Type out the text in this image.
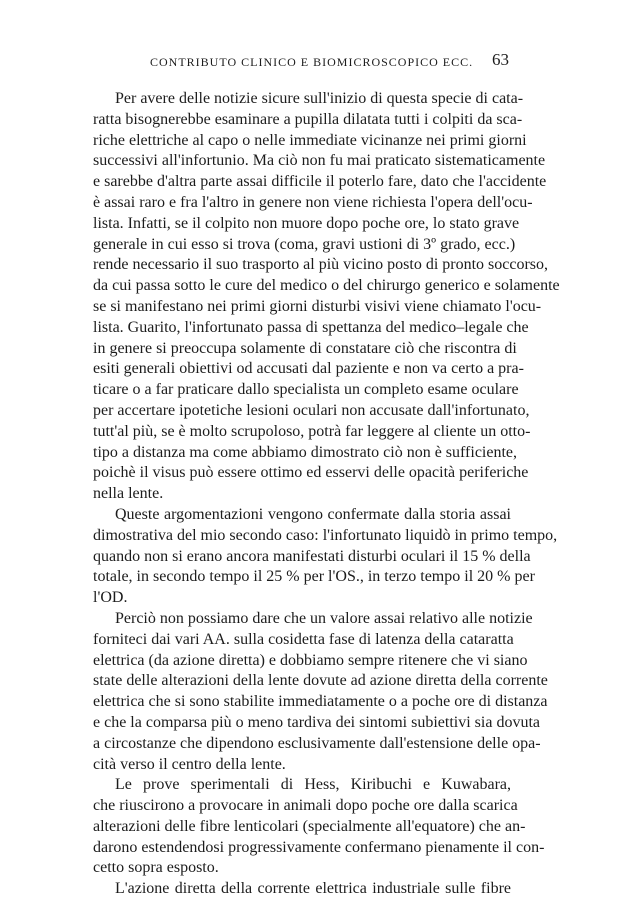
CONTRIBUTO CLINICO E BIOMICROSCOPICO ECC. 63
Per avere delle notizie sicure sull'inizio di questa specie di cata-
ratta bisognerebbe esaminare a pupilla dilatata tutti i colpiti da sca-
riche elettriche al capo o nelle immediate vicinanze nei primi giorni
successivi all'infortunio. Ma ciò non fu mai praticato sistematicamente
e sarebbe d'altra parte assai difficile il poterlo fare, dato che l'accidente
è assai raro e fra l'altro in genere non viene richiesta l'opera dell'ocu-
lista. Infatti, se il colpito non muore dopo poche ore, lo stato grave
generale in cui esso si trova (coma, gravi ustioni di 3º grado, ecc.)
rende necessario il suo trasporto al più vicino posto di pronto soccorso,
da cui passa sotto le cure del medico o del chirurgo generico e solamente
se si manifestano nei primi giorni disturbi visivi viene chiamato l'ocu-
lista. Guarito, l'infortunato passa di spettanza del medico–legale che
in genere si preoccupa solamente di constatare ciò che riscontra di
esiti generali obiettivi od accusati dal paziente e non va certo a pra-
ticare o a far praticare dallo specialista un completo esame oculare
per accertare ipotetiche lesioni oculari non accusate dall'infortunato,
tutt'al più, se è molto scrupoloso, potrà far leggere al cliente un otto-
tipo a distanza ma come abbiamo dimostrato ciò non è sufficiente,
poichè il visus può essere ottimo ed esservi delle opacità periferiche
nella lente.
Queste argomentazioni vengono confermate dalla storia assai
dimostrativa del mio secondo caso: l'infortunato liquidò in primo tempo,
quando non si erano ancora manifestati disturbi oculari il 15 % della
totale, in secondo tempo il 25 % per l'OS., in terzo tempo il 20 % per
l'OD.
Perciò non possiamo dare che un valore assai relativo alle notizie
forniteci dai vari AA. sulla cosidetta fase di latenza della cataratta
elettrica (da azione diretta) e dobbiamo sempre ritenere che vi siano
state delle alterazioni della lente dovute ad azione diretta della corrente
elettrica che si sono stabilite immediatamente o a poche ore di distanza
e che la comparsa più o meno tardiva dei sintomi subiettivi sia dovuta
a circostanze che dipendono esclusivamente dall'estensione delle opa-
cità verso il centro della lente.
Le prove sperimentali di Hess, Kiribuchi e Kuwabara,
che riuscirono a provocare in animali dopo poche ore dalla scarica
alterazioni delle fibre lenticolari (specialmente all'equatore) che an-
darono estendendosi progressivamente confermano pienamente il con-
cetto sopra esposto.
L'azione diretta della corrente elettrica industriale sulle fibre
